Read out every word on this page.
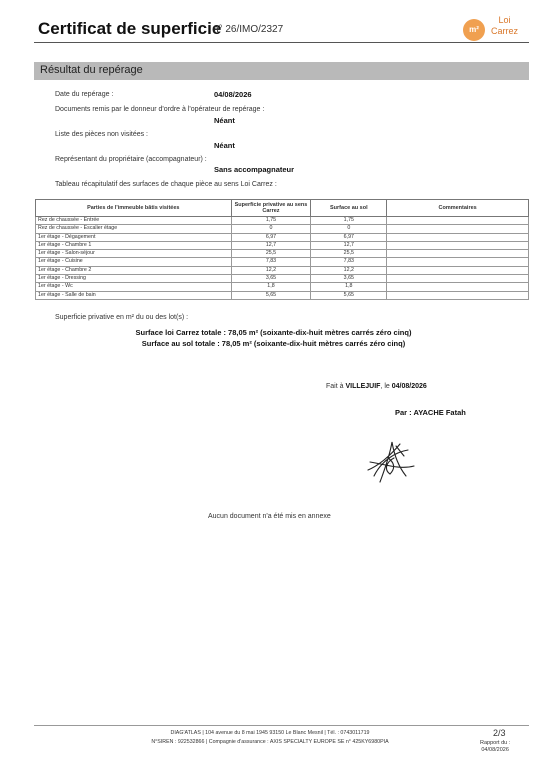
Certificat de superficie
n° 26/IMO/2327	m²
Loi
Carrez
Résultat du repérage
Date du repérage :	04/08/2026
Documents remis par le donneur d'ordre à l'opérateur de repérage :
Néant
Liste des pièces non visitées :
Néant
Représentant du propriétaire (accompagnateur) :
Sans accompagnateur
Tableau récapitulatif des surfaces de chaque pièce au sens Loi Carrez :
Parties de l'immeuble bâtis visitées	Superficie privative au sens Carrez	Surface au sol	Commentaires
Rez de chaussée - Entrée	1,75	1,75	
Rez de chaussée - Escalier étage	0	0	
1er étage - Dégagement	6,97	6,97	
1er étage - Chambre 1	12,7	12,7	
1er étage - Salon-séjour	25,5	25,5	
1er étage - Cuisine	7,83	7,83	
1er étage - Chambre 2	12,2	12,2	
1er étage - Dressing	3,65	3,65	
1er étage - Wc	1,8	1,8	
1er étage - Salle de bain	5,65	5,65	
Superficie privative en m² du ou des lot(s) :
Surface loi Carrez totale : 78,05 m² (soixante-dix-huit mètres carrés zéro cinq)
Surface au sol totale : 78,05 m² (soixante-dix-huit mètres carrés zéro cinq)
Fait à VILLEJUIF, le 04/08/2026
Par : AYACHE Fatah
Aucun document n'a été mis en annexe
DIAG'ATLAS | 104 avenue du 8 mai 1945 93150 Le Blanc Mesnil | Tél. : 0743011719
N°SIREN : 922532866 | Compagnie d'assurance : AXIS SPECIALTY EUROPE SE n° 425KY6980PIA
2/3
Rapport du :
04/08/2026
